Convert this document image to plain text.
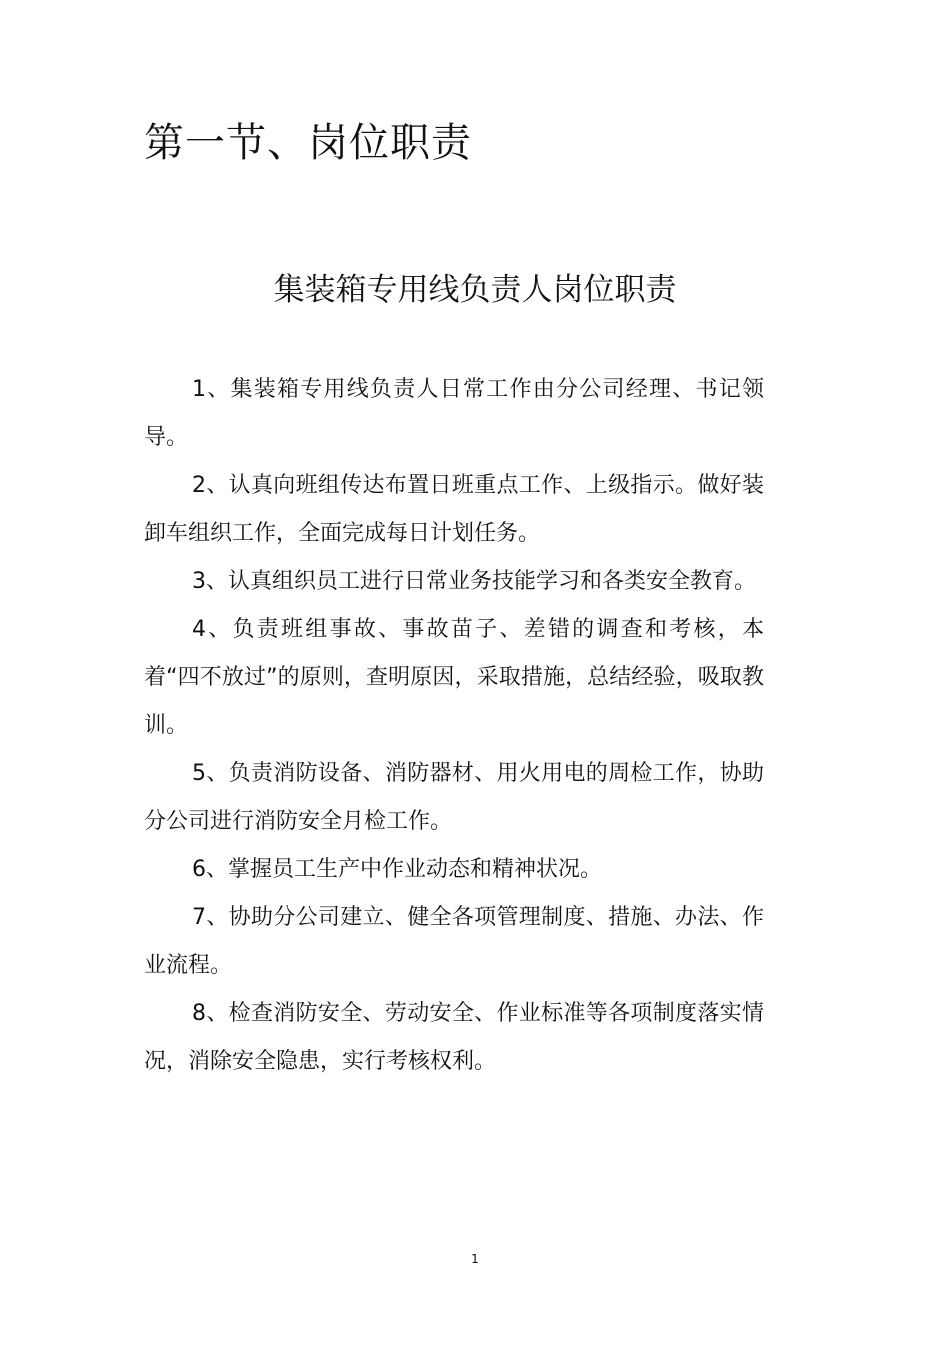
第一节、岗位职责
集装箱专用线负责人岗位职责

1、集装箱专用线负责人日常工作由分公司经理、书记领导。

2、认真向班组传达布置日班重点工作、上级指示。做好装卸车组织工作，全面完成每日计划任务。

3、认真组织员工进行日常业务技能学习和各类安全教育。

4、负责班组事故、事故苗子、差错的调查和考核，本着“四不放过”的原则，查明原因，采取措施，总结经验，吸取教训。

5、负责消防设备、消防器材、用火用电的周检工作，协助分公司进行消防安全月检工作。

6、掌握员工生产中作业动态和精神状况。

7、协助分公司建立、健全各项管理制度、措施、办法、作业流程。

8、检查消防安全、劳动安全、作业标准等各项制度落实情况，消除安全隐患，实行考核权利。

1
